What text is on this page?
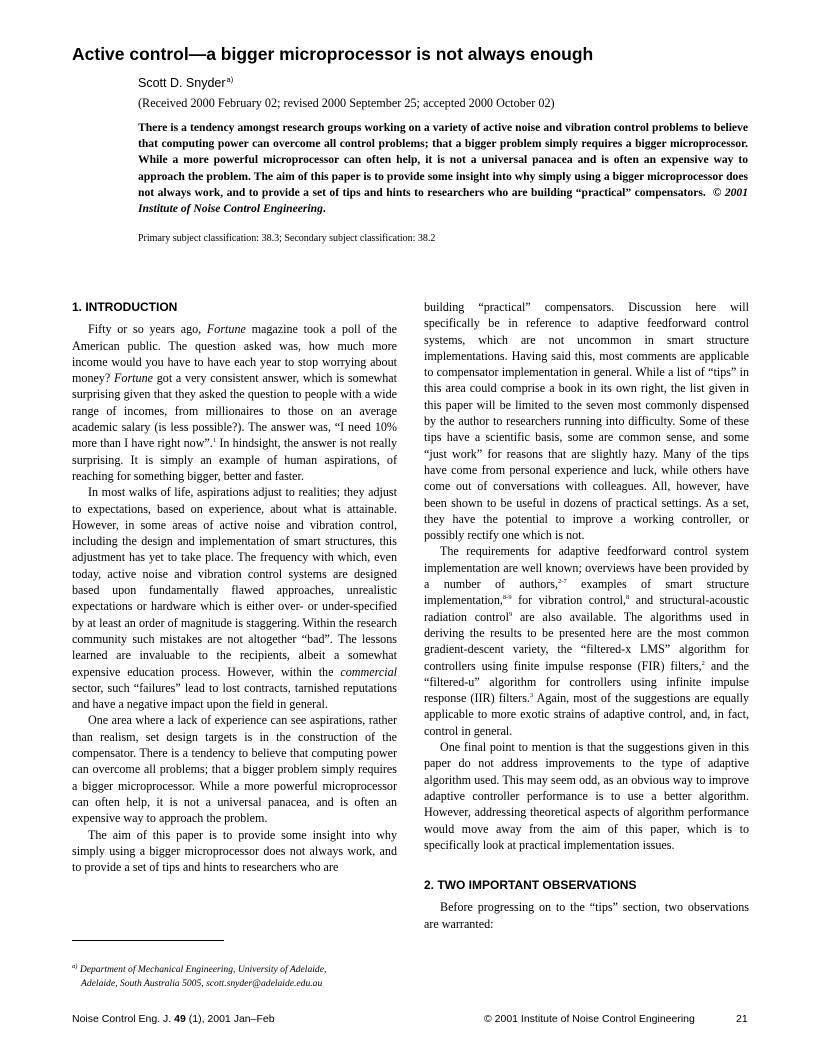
Active control—a bigger microprocessor is not always enough
Scott D. Snyder$^{a)}$
(Received 2000 February 02; revised 2000 September 25; accepted 2000 October 02)
There is a tendency amongst research groups working on a variety of active noise and vibration control problems to believe that computing power can overcome all control problems; that a bigger problem simply requires a bigger microprocessor. While a more powerful microprocessor can often help, it is not a universal panacea and is often an expensive way to approach the problem. The aim of this paper is to provide some insight into why simply using a bigger microprocessor does not always work, and to provide a set of tips and hints to researchers who are building “practical” compensators. © 2001 Institute of Noise Control Engineering.
Primary subject classification: 38.3; Secondary subject classification: 38.2
1. INTRODUCTION

Fifty or so years ago, Fortune magazine took a poll of the American public. The question asked was, how much more income would you have to have each year to stop worrying about money? Fortune got a very consistent answer, which is somewhat surprising given that they asked the question to people with a wide range of incomes, from millionaires to those on an average academic salary (is less possible?). The answer was, “I need 10% more than I have right now”.$^1$ In hindsight, the answer is not really surprising. It is simply an example of human aspirations, of reaching for something bigger, better and faster.

In most walks of life, aspirations adjust to realities; they adjust to expectations, based on experience, about what is attainable. However, in some areas of active noise and vibration control, including the design and implementation of smart structures, this adjustment has yet to take place. The frequency with which, even today, active noise and vibration control systems are designed based upon fundamentally flawed approaches, unrealistic expectations or hardware which is either over- or under-specified by at least an order of magnitude is staggering. Within the research community such mistakes are not altogether “bad”. The lessons learned are invaluable to the recipients, albeit a somewhat expensive education process. However, within the commercial sector, such “failures” lead to lost contracts, tarnished reputations and have a negative impact upon the field in general.

One area where a lack of experience can see aspirations, rather than realism, set design targets is in the construction of the compensator. There is a tendency to believe that computing power can overcome all problems; that a bigger problem simply requires a bigger microprocessor. While a more powerful microprocessor can often help, it is not a universal panacea, and is often an expensive way to approach the problem.

The aim of this paper is to provide some insight into why simply using a bigger microprocessor does not always work, and to provide a set of tips and hints to researchers who are

building “practical” compensators. Discussion here will specifically be in reference to adaptive feedforward control systems, which are not uncommon in smart structure implementations. Having said this, most comments are applicable to compensator implementation in general. While a list of “tips” in this area could comprise a book in its own right, the list given in this paper will be limited to the seven most commonly dispensed by the author to researchers running into difficulty. Some of these tips have a scientific basis, some are common sense, and some “just work” for reasons that are slightly hazy. Many of the tips have come from personal experience and luck, while others have come out of conversations with colleagues. All, however, have been shown to be useful in dozens of practical settings. As a set, they have the potential to improve a working controller, or possibly rectify one which is not.

The requirements for adaptive feedforward control system implementation are well known; overviews have been provided by a number of authors,$^{2-7}$ examples of smart structure implementation,$^{8-9}$ for vibration control,$^8$ and structural-acoustic radiation control$^9$ are also available. The algorithms used in deriving the results to be presented here are the most common gradient-descent variety, the “filtered-x LMS” algorithm for controllers using finite impulse response (FIR) filters,$^2$ and the “filtered-u” algorithm for controllers using infinite impulse response (IIR) filters.$^3$ Again, most of the suggestions are equally applicable to more exotic strains of adaptive control, and, in fact, control in general.

One final point to mention is that the suggestions given in this paper do not address improvements to the type of adaptive algorithm used. This may seem odd, as an obvious way to improve adaptive controller performance is to use a better algorithm. However, addressing theoretical aspects of algorithm performance would move away from the aim of this paper, which is to specifically look at practical implementation issues.

2. TWO IMPORTANT OBSERVATIONS

Before progressing on to the “tips” section, two observations are warranted:

$^{a)}$ Department of Mechanical Engineering, University of Adelaide,
Adelaide, South Australia 5005, scott.snyder@adelaide.edu.au
Noise Control Eng. J. 49 (1), 2001 Jan–Feb	© 2001 Institute of Noise Control Engineering	21
